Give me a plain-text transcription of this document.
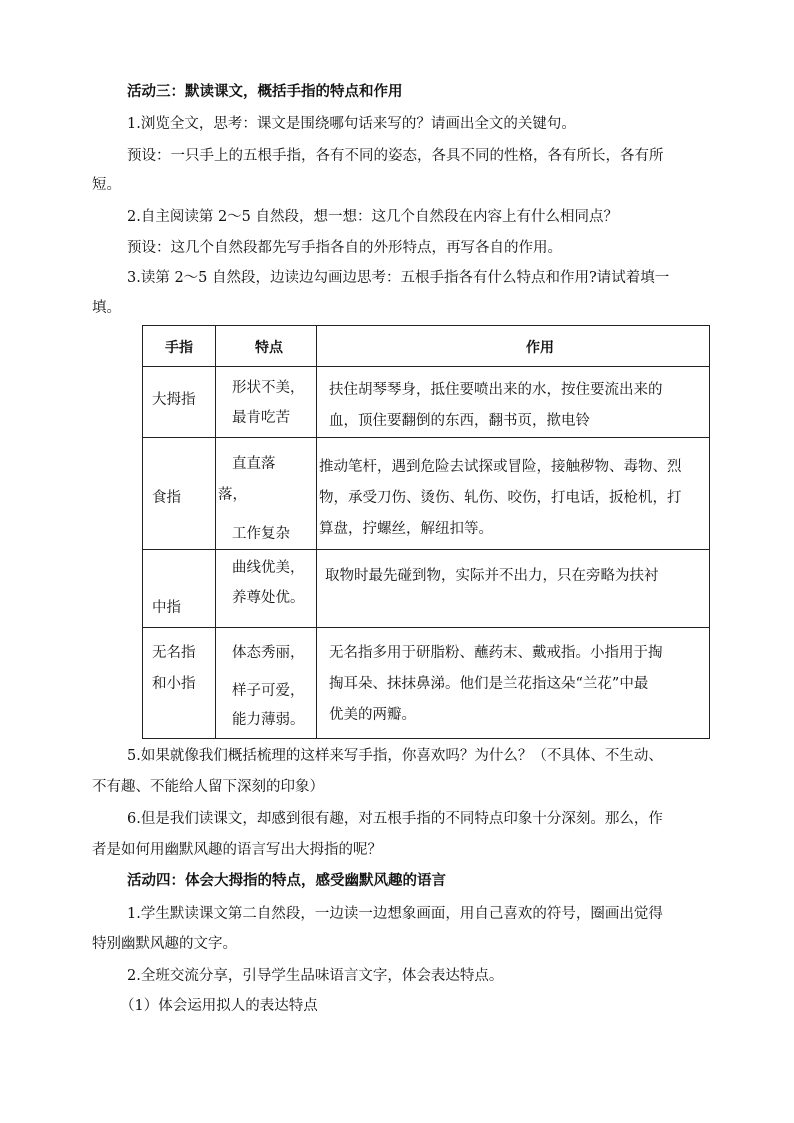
活动三：默读课文，概括手指的特点和作用
1.浏览全文，思考：课文是围绕哪句话来写的？请画出全文的关键句。
预设：一只手上的五根手指，各有不同的姿态，各具不同的性格，各有所长，各有所
短。
2.自主阅读第 2～5 自然段，想一想：这几个自然段在内容上有什么相同点？
预设：这几个自然段都先写手指各自的外形特点，再写各自的作用。
3.读第 2～5 自然段，边读边勾画边思考：五根手指各有什么特点和作用?请试着填一
填。
手指	特点	作用
大拇指
形状不美，
最肯吃苦
扶住胡琴琴身，抵住要喷出来的水，按住要流出来的
血，顶住要翻倒的东西，翻书页，揿电铃
食指
直直落
落，
工作复杂
推动笔杆，遇到危险去试探或冒险，接触秽物、毒物、烈
物，承受刀伤、烫伤、轧伤、咬伤，打电话，扳枪机，打
算盘，拧螺丝，解纽扣等。
中指
曲线优美，
养尊处优。
取物时最先碰到物，实际并不出力，只在旁略为扶衬
无名指
和小指
体态秀丽，
样子可爱，
能力薄弱。
无名指多用于研脂粉、蘸药末、戴戒指。小指用于掏
掏耳朵、抹抹鼻涕。他们是兰花指这朵“兰花”中最
优美的两瓣。
5.如果就像我们概括梳理的这样来写手指，你喜欢吗？为什么？（不具体、不生动、
不有趣、不能给人留下深刻的印象）
6.但是我们读课文，却感到很有趣，对五根手指的不同特点印象十分深刻。那么，作
者是如何用幽默风趣的语言写出大拇指的呢？
活动四：体会大拇指的特点，感受幽默风趣的语言
1.学生默读课文第二自然段，一边读一边想象画面，用自己喜欢的符号，圈画出觉得
特别幽默风趣的文字。
2.全班交流分享，引导学生品味语言文字，体会表达特点。
（1）体会运用拟人的表达特点
